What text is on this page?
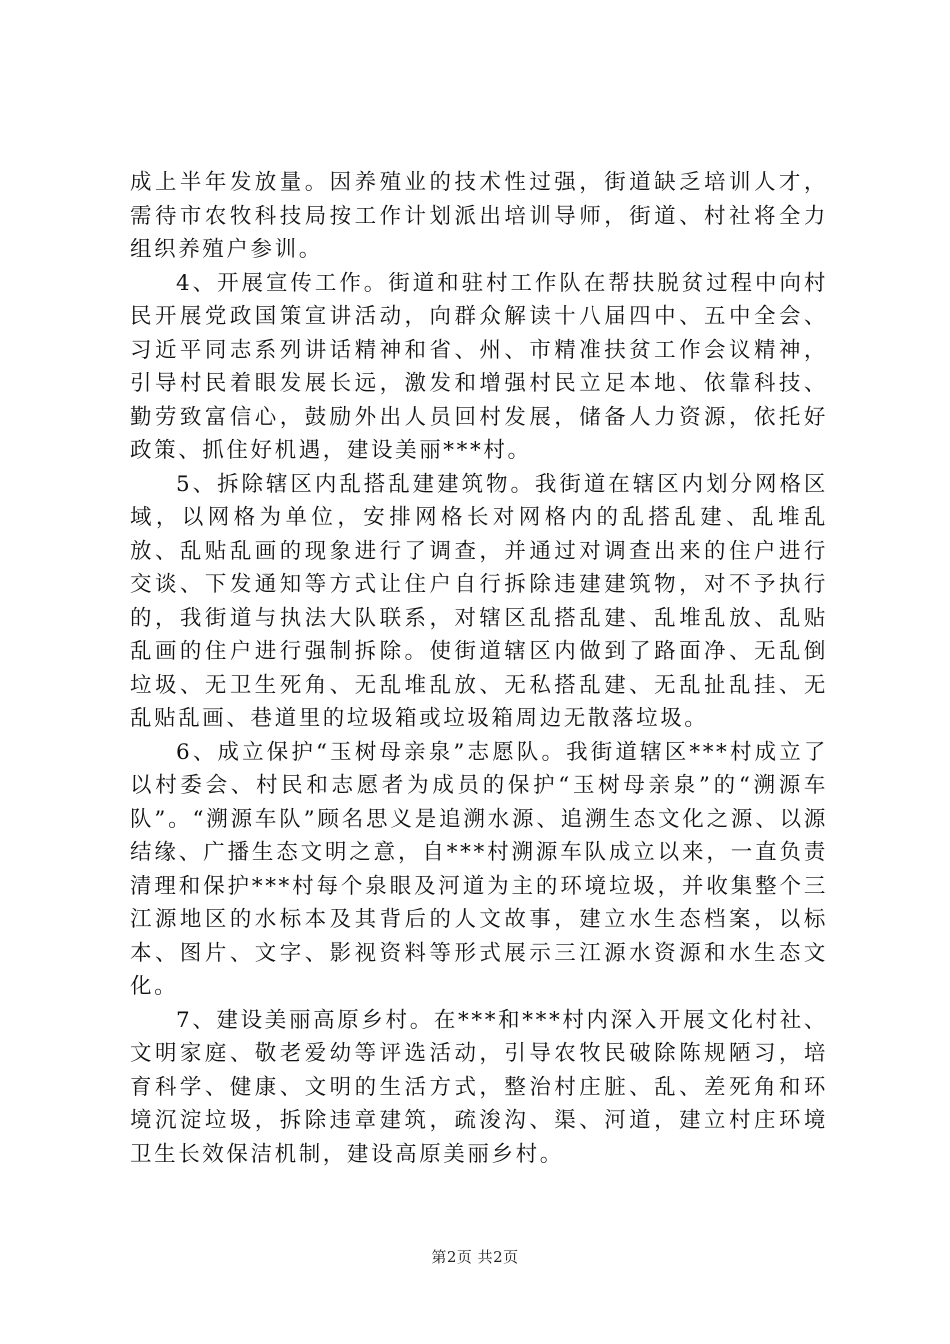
成上半年发放量。因养殖业的技术性过强，街道缺乏培训人才，需待市农牧科技局按工作计划派出培训导师，街道、村社将全力组织养殖户参训。

4、开展宣传工作。街道和驻村工作队在帮扶脱贫过程中向村民开展党政国策宣讲活动，向群众解读十八届四中、五中全会、习近平同志系列讲话精神和省、州、市精准扶贫工作会议精神，引导村民着眼发展长远，激发和增强村民立足本地、依靠科技、勤劳致富信心，鼓励外出人员回村发展，储备人力资源，依托好政策、抓住好机遇，建设美丽***村。

5、拆除辖区内乱搭乱建建筑物。我街道在辖区内划分网格区域，以网格为单位，安排网格长对网格内的乱搭乱建、乱堆乱放、乱贴乱画的现象进行了调查，并通过对调查出来的住户进行交谈、下发通知等方式让住户自行拆除违建建筑物，对不予执行的，我街道与执法大队联系，对辖区乱搭乱建、乱堆乱放、乱贴乱画的住户进行强制拆除。使街道辖区内做到了路面净、无乱倒垃圾、无卫生死角、无乱堆乱放、无私搭乱建、无乱扯乱挂、无乱贴乱画、巷道里的垃圾箱或垃圾箱周边无散落垃圾。

6、成立保护“玉树母亲泉”志愿队。我街道辖区***村成立了以村委会、村民和志愿者为成员的保护“玉树母亲泉”的“溯源车队”。“溯源车队”顾名思义是追溯水源、追溯生态文化之源、以源结缘、广播生态文明之意，自***村溯源车队成立以来，一直负责清理和保护***村每个泉眼及河道为主的环境垃圾，并收集整个三江源地区的水标本及其背后的人文故事，建立水生态档案，以标本、图片、文字、影视资料等形式展示三江源水资源和水生态文化。

7、建设美丽高原乡村。在***和***村内深入开展文化村社、文明家庭、敬老爱幼等评选活动，引导农牧民破除陈规陋习，培育科学、健康、文明的生活方式，整治村庄脏、乱、差死角和环境沉淀垃圾，拆除违章建筑，疏浚沟、渠、河道，建立村庄环境卫生长效保洁机制，建设高原美丽乡村。

第2页 共2页
